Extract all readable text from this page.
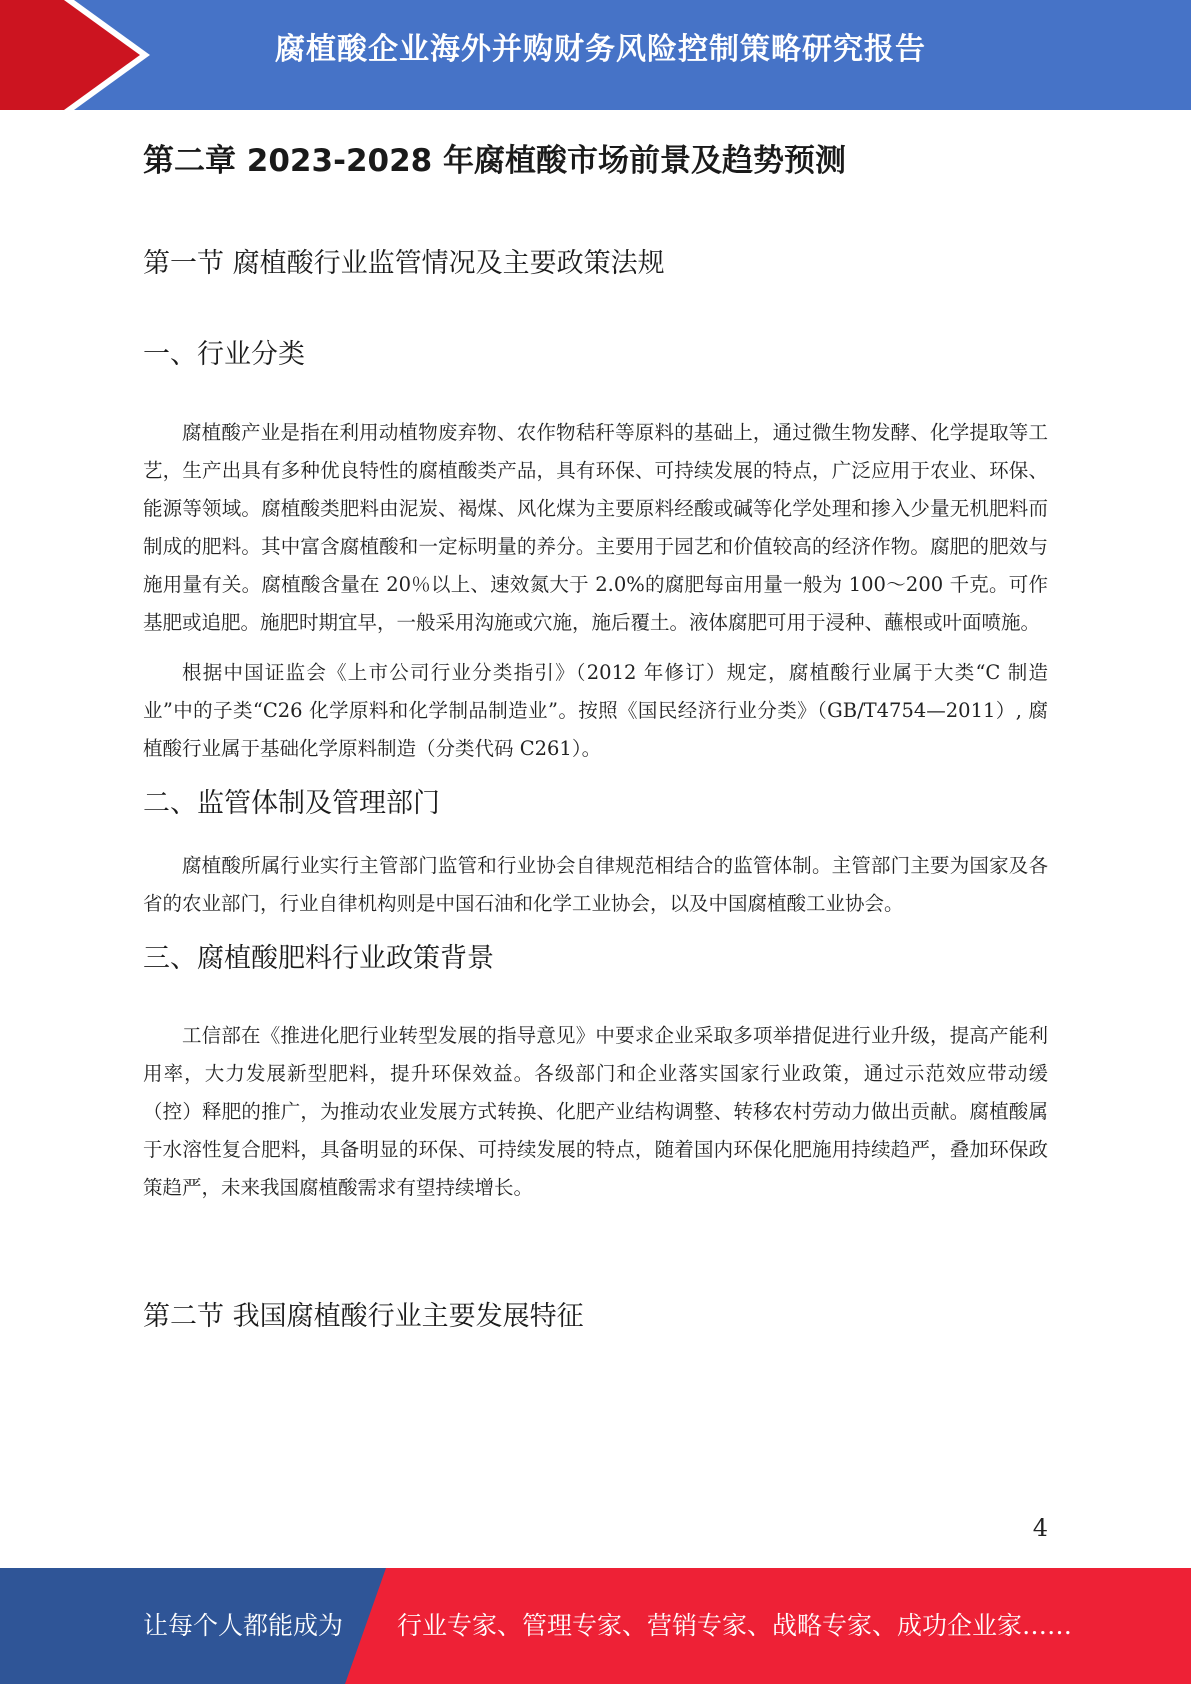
腐植酸企业海外并购财务风险控制策略研究报告
第二章 2023-2028 年腐植酸市场前景及趋势预测
第一节 腐植酸行业监管情况及主要政策法规
一、行业分类

腐植酸产业是指在利用动植物废弃物、农作物秸秆等原料的基础上，通过微生物发酵、化学提取等工艺，生产出具有多种优良特性的腐植酸类产品，具有环保、可持续发展的特点，广泛应用于农业、环保、能源等领域。腐植酸类肥料由泥炭、褐煤、风化煤为主要原料经酸或碱等化学处理和掺入少量无机肥料而制成的肥料。其中富含腐植酸和一定标明量的养分。主要用于园艺和价值较高的经济作物。腐肥的肥效与施用量有关。腐植酸含量在 20％以上、速效氮大于 2.0%的腐肥每亩用量一般为 100～200 千克。可作基肥或追肥。施肥时期宜早，一般采用沟施或穴施，施后覆土。液体腐肥可用于浸种、蘸根或叶面喷施。

根据中国证监会《上市公司行业分类指引》（2012 年修订）规定，腐植酸行业属于大类“C 制造业”中的子类“C26 化学原料和化学制品制造业”。按照《国民经济行业分类》（GB/T4754—2011）, 腐植酸行业属于基础化学原料制造（分类代码 C261）。

二、监管体制及管理部门

腐植酸所属行业实行主管部门监管和行业协会自律规范相结合的监管体制。主管部门主要为国家及各省的农业部门，行业自律机构则是中国石油和化学工业协会，以及中国腐植酸工业协会。

三、腐植酸肥料行业政策背景

工信部在《推进化肥行业转型发展的指导意见》中要求企业采取多项举措促进行业升级，提高产能利用率，大力发展新型肥料，提升环保效益。各级部门和企业落实国家行业政策，通过示范效应带动缓（控）释肥的推广，为推动农业发展方式转换、化肥产业结构调整、转移农村劳动力做出贡献。腐植酸属于水溶性复合肥料，具备明显的环保、可持续发展的特点，随着国内环保化肥施用持续趋严，叠加环保政策趋严，未来我国腐植酸需求有望持续增长。

第二节 我国腐植酸行业主要发展特征
4
让每个人都能成为 行业专家、管理专家、营销专家、战略专家、成功企业家……
